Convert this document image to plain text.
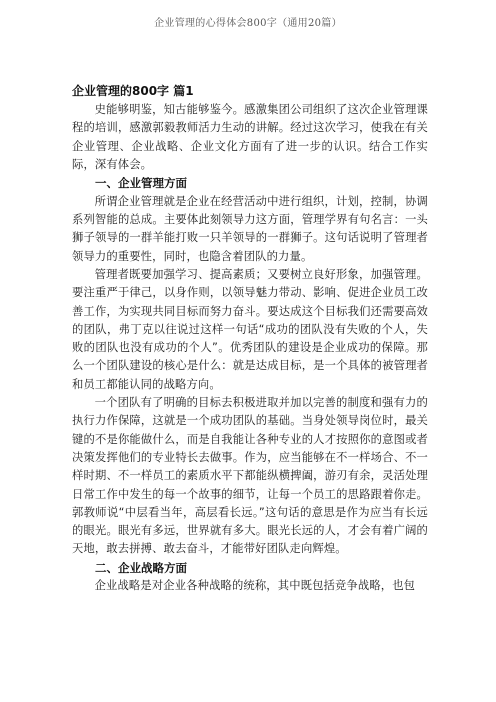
企业管理的心得体会800字（通用20篇）

企业管理的800字 篇1

史能够明鉴，知古能够鉴今。感激集团公司组织了这次企业管理课程的培训，感激郭毅教师活力生动的讲解。经过这次学习，使我在有关企业管理、企业战略、企业文化方面有了进一步的认识。结合工作实际，深有体会。

一、企业管理方面

所谓企业管理就是企业在经营活动中进行组织，计划，控制，协调系列智能的总成。主要体此刻领导力这方面，管理学界有句名言：一头狮子领导的一群羊能打败一只羊领导的一群狮子。这句话说明了管理者领导力的重要性，同时，也隐含着团队的力量。

管理者既要加强学习、提高素质；又要树立良好形象，加强管理。要注重严于律己，以身作则，以领导魅力带动、影响、促进企业员工改善工作，为实现共同目标而努力奋斗。要达成这个目标我们还需要高效的团队，弗丁克以往说过这样一句话“成功的团队没有失败的个人，失败的团队也没有成功的个人”。优秀团队的建设是企业成功的保障。那么一个团队建设的核心是什么：就是达成目标，是一个具体的被管理者和员工都能认同的战略方向。

一个团队有了明确的目标去积极进取并加以完善的制度和强有力的执行力作保障，这就是一个成功团队的基础。当身处领导岗位时，最关键的不是你能做什么，而是自我能让各种专业的人才按照你的意图或者决策发挥他们的专业特长去做事。作为，应当能够在不一样场合、不一样时期、不一样员工的素质水平下都能纵横捭阖，游刃有余，灵活处理日常工作中发生的每一个故事的细节，让每一个员工的思路跟着你走。郭教师说“中层看当年，高层看长远。”这句话的意思是作为应当有长远的眼光。眼光有多远，世界就有多大。眼光长远的人，才会有着广阔的天地，敢去拼搏、敢去奋斗，才能带好团队走向辉煌。

二、企业战略方面

企业战略是对企业各种战略的统称，其中既包括竞争战略，也包
